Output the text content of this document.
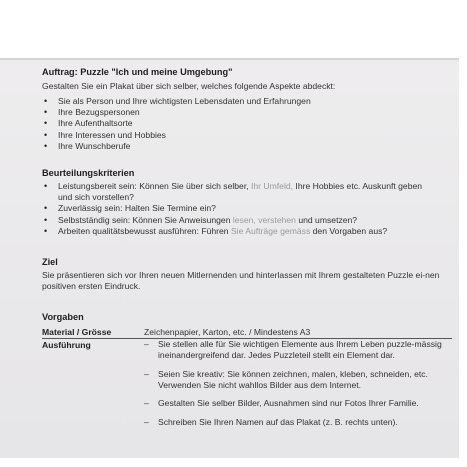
Auftrag: Puzzle "Ich und meine Umgebung"

Gestalten Sie ein Plakat über sich selber, welches folgende Aspekte abdeckt:

• Sie als Person und Ihre wichtigsten Lebensdaten und Erfahrungen
• Ihre Bezugspersonen
• Ihre Aufenthaltsorte
• Ihre Interessen und Hobbies
• Ihre Wunschberufe

Beurteilungskriterien

• Leistungsbereit sein: Können Sie über sich selber, Ihr Umfeld, Ihre Hobbies etc. Auskunft geben
und sich vorstellen?
• Zuverlässig sein: Halten Sie Termine ein?
• Selbstständig sein: Können Sie Anweisungen lesen, verstehen und umsetzen?
• Arbeiten qualitätsbewusst ausführen: Führen Sie Aufträge gemäss den Vorgaben aus?

Ziel

Sie präsentieren sich vor Ihren neuen Mitlernenden und hinterlassen mit Ihrem gestalteten Puzzle ei-nen positiven ersten Eindruck.

Vorgaben

Material / Grösse	Zeichenpapier, Karton, etc. / Mindestens A3
Ausführung	–	Sie stellen alle für Sie wichtigen Elemente aus Ihrem Leben puzzle-mässig ineinandergreifend dar. Jedes Puzzleteil stellt ein Element dar.
–	Seien Sie kreativ: Sie können zeichnen, malen, kleben, schneiden, etc. Verwenden Sie nicht wahllos Bilder aus dem Internet.
–	Gestalten Sie selber Bilder, Ausnahmen sind nur Fotos Ihrer Familie.
–	Schreiben Sie Ihren Namen auf das Plakat (z. B. rechts unten).
